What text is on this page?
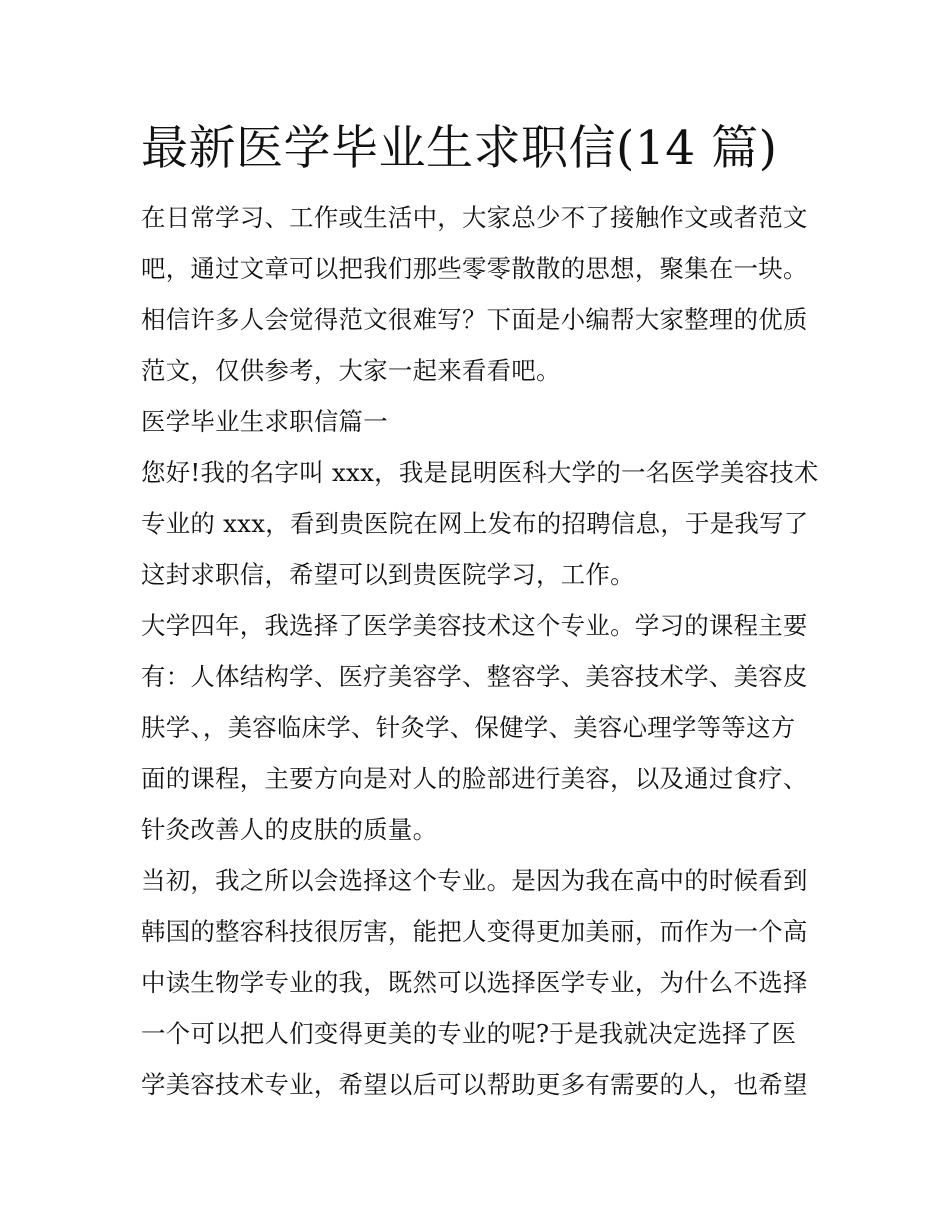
最新医学毕业生求职信(14 篇)
在日常学习、工作或生活中，大家总少不了接触作文或者范文
吧，通过文章可以把我们那些零零散散的思想，聚集在一块。
相信许多人会觉得范文很难写？下面是小编帮大家整理的优质
范文，仅供参考，大家一起来看看吧。
医学毕业生求职信篇一
您好!我的名字叫 xxx，我是昆明医科大学的一名医学美容技术
专业的 xxx，看到贵医院在网上发布的招聘信息，于是我写了
这封求职信，希望可以到贵医院学习，工作。
大学四年，我选择了医学美容技术这个专业。学习的课程主要
有：人体结构学、医疗美容学、整容学、美容技术学、美容皮
肤学、，美容临床学、针灸学、保健学、美容心理学等等这方
面的课程，主要方向是对人的脸部进行美容，以及通过食疗、
针灸改善人的皮肤的质量。
当初，我之所以会选择这个专业。是因为我在高中的时候看到
韩国的整容科技很厉害，能把人变得更加美丽，而作为一个高
中读生物学专业的我，既然可以选择医学专业，为什么不选择
一个可以把人们变得更美的专业的呢?于是我就决定选择了医
学美容技术专业，希望以后可以帮助更多有需要的人，也希望
